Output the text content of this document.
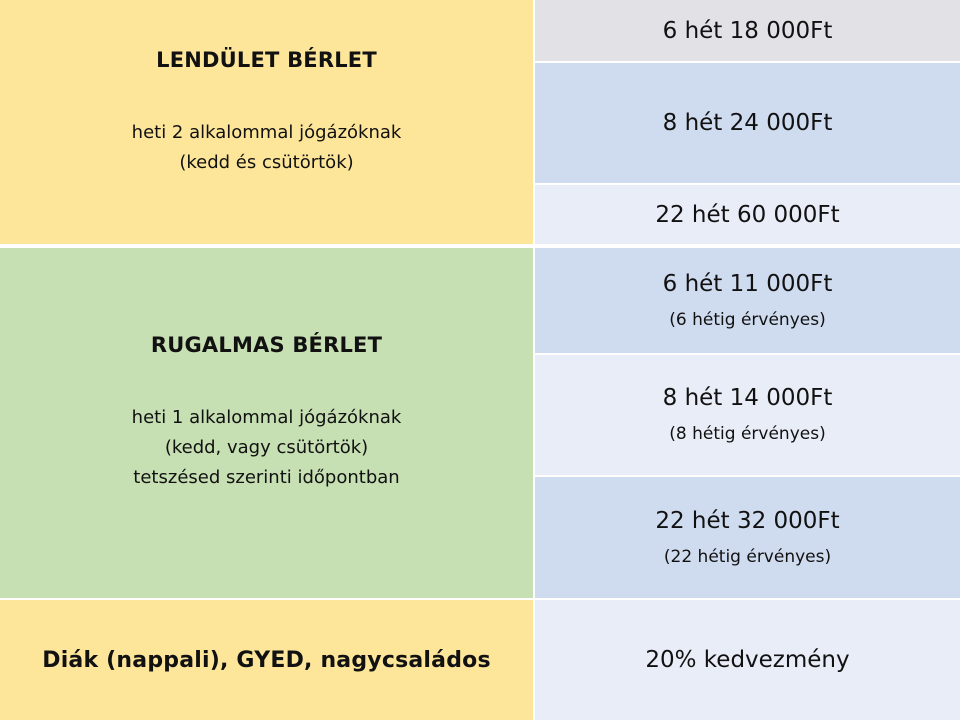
LENDÜLET BÉRLET
heti 2 alkalommal jógázóknak
(kedd és csütörtök)
RUGALMAS BÉRLET
heti 1 alkalommal jógázóknak
(kedd, vagy csütörtök)
tetszésed szerinti időpontban
Diák (nappali), GYED, nagycsaládos
6 hét 18 000Ft
8 hét 24 000Ft
22 hét 60 000Ft
6 hét 11 000Ft
(6 hétig érvényes)
8 hét 14 000Ft
(8 hétig érvényes)
22 hét 32 000Ft
(22 hétig érvényes)
20% kedvezmény
